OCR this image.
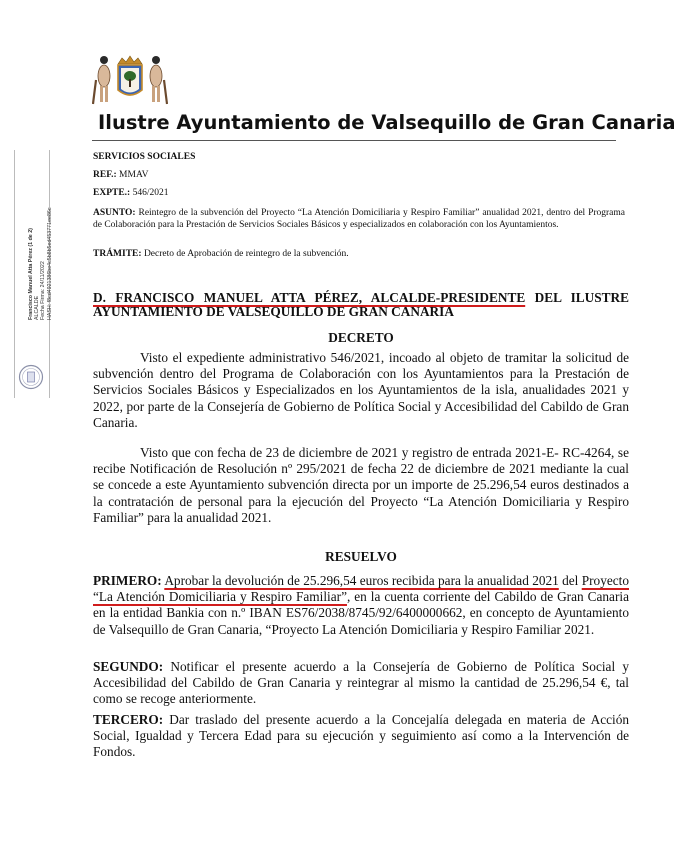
Ilustre Ayuntamiento de Valsequillo de Gran Canaria
Francisco Manuel Atta Pérez (1 de 2) ALCALDE Fecha Firma: 24/11/2022 HASH: f8cd4921386be4c5b8b5ed453771ee86c
SERVICIOS SOCIALES
REF.: MMAV
EXPTE.: 546/2021
ASUNTO: Reintegro de la subvención del Proyecto “La Atención Domiciliaria y Respiro Familiar” anualidad 2021, dentro del Programa de Colaboración para la Prestación de Servicios Sociales Básicos y especializados en colaboración con los Ayuntamientos.
TRÁMITE: Decreto de Aprobación de reintegro de la subvención.
D. FRANCISCO MANUEL ATTA PÉREZ, ALCALDE-PRESIDENTE DEL ILUSTRE
AYUNTAMIENTO DE VALSEQUILLO DE GRAN CANARIA
DECRETO
Visto el expediente administrativo 546/2021, incoado al objeto de tramitar la solicitud de subvención dentro del Programa de Colaboración con los Ayuntamientos para la Prestación de Servicios Sociales Básicos y Especializados en los Ayuntamientos de la isla, anualidades 2021 y 2022, por parte de la Consejería de Gobierno de Política Social y Accesibilidad del Cabildo de Gran Canaria.
Visto que con fecha de 23 de diciembre de 2021 y registro de entrada 2021-E- RC-4264, se recibe Notificación de Resolución nº 295/2021 de fecha 22 de diciembre de 2021 mediante la cual se concede a este Ayuntamiento subvención directa por un importe de 25.296,54 euros destinados a la contratación de personal para la ejecución del Proyecto “La Atención Domiciliaria y Respiro Familiar” para la anualidad 2021.
RESUELVO
PRIMERO: Aprobar la devolución de 25.296,54 euros recibida para la anualidad 2021 del Proyecto “La Atención Domiciliaria y Respiro Familiar”, en la cuenta corriente del Cabildo de Gran Canaria en la entidad Bankia con n.º IBAN ES76/2038/8745/92/6400000662, en concepto de Ayuntamiento de Valsequillo de Gran Canaria, “Proyecto La Atención Domiciliaria y Respiro Familiar 2021.
SEGUNDO: Notificar el presente acuerdo a la Consejería de Gobierno de Política Social y Accesibilidad del Cabildo de Gran Canaria y reintegrar al mismo la cantidad de 25.296,54 €, tal como se recoge anteriormente.
TERCERO: Dar traslado del presente acuerdo a la Concejalía delegada en materia de Acción Social, Igualdad y Tercera Edad para su ejecución y seguimiento así como a la Intervención de Fondos.
